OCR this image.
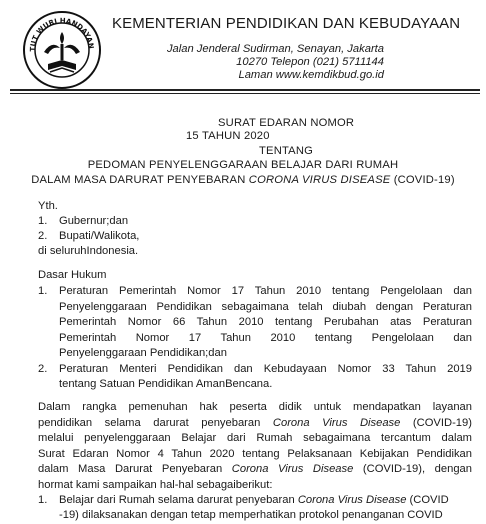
TUT WURI HANDAYAN
KEMENTERIAN PENDIDIKAN DAN KEBUDAYAAN
Jalan Jenderal Sudirman, Senayan, Jakarta
10270 Telepon (021) 5711144
Laman www.kemdikbud.go.id
SURAT EDARAN NOMOR
15 TAHUN 2020
TENTANG
PEDOMAN PENYELENGGARAAN BELAJAR DARI RUMAH
DALAM MASA DARURAT PENYEBARAN CORONA VIRUS DISEASE (COVID-19)
Yth.
1. Gubernur;dan
2. Bupati/Walikota,
di seluruhIndonesia.
Dasar Hukum
1. Peraturan Pemerintah Nomor 17 Tahun 2010 tentang Pengelolaan dan
Penyelenggaraan Pendidikan sebagaimana telah diubah dengan Peraturan
Pemerintah Nomor 66 Tahun 2010 tentang Perubahan atas Peraturan
Pemerintah Nomor 17 Tahun 2010 tentang Pengelolaan dan
Penyelenggaraan Pendidikan;dan
2. Peraturan Menteri Pendidikan dan Kebudayaan Nomor 33 Tahun 2019
tentang Satuan Pendidikan AmanBencana.
Dalam rangka pemenuhan hak peserta didik untuk mendapatkan layanan
pendidikan selama darurat penyebaran Corona Virus Disease (COVID-19)
melalui penyelenggaraan Belajar dari Rumah sebagaimana tercantum dalam
Surat Edaran Nomor 4 Tahun 2020 tentang Pelaksanaan Kebijakan Pendidikan
dalam Masa Darurat Penyebaran Corona Virus Disease (COVID-19), dengan
hormat kami sampaikan hal-hal sebagaiberikut:
1. Belajar dari Rumah selama darurat penyebaran Corona Virus Disease (COVID
-19) dilaksanakan dengan tetap memperhatikan protokol penanganan COVID
